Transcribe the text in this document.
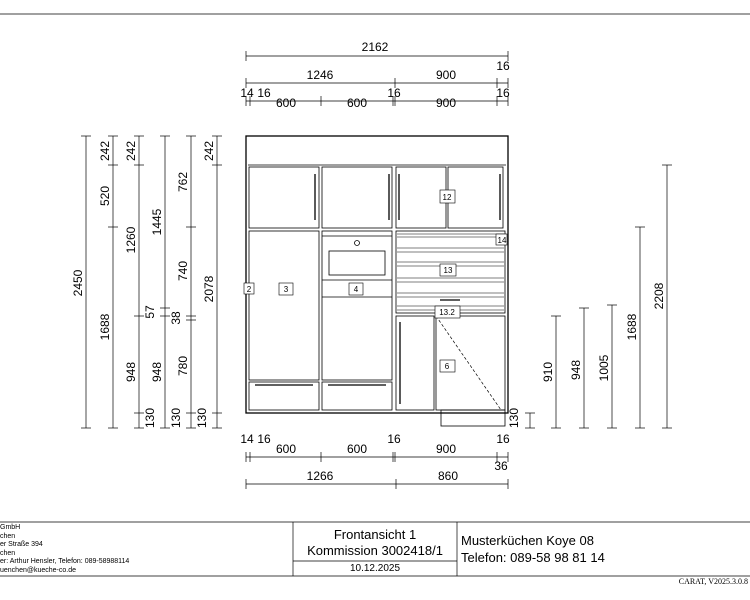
2162
1246	900
16
14 16
600	600
16
900
16
2	3	4
12
13
14
13.2
6
14 16
600	600
16
900
16
36
1266	860
2450
242
520
1688
242
1260
948
130
1445
57
948
762
740
38
780
130
242
2078
130	130
910 948 1005
1688
2208
GmbH
chen
er Straße 394
chen
er: Arthur Hensler, Telefon: 089-58988114
uenchen@kueche-co.de
Frontansicht 1
Kommission 3002418/1
10.12.2025
Musterküchen Koye 08
Telefon: 089-58 98 81 14
CARAT, V2025.3.0.8
